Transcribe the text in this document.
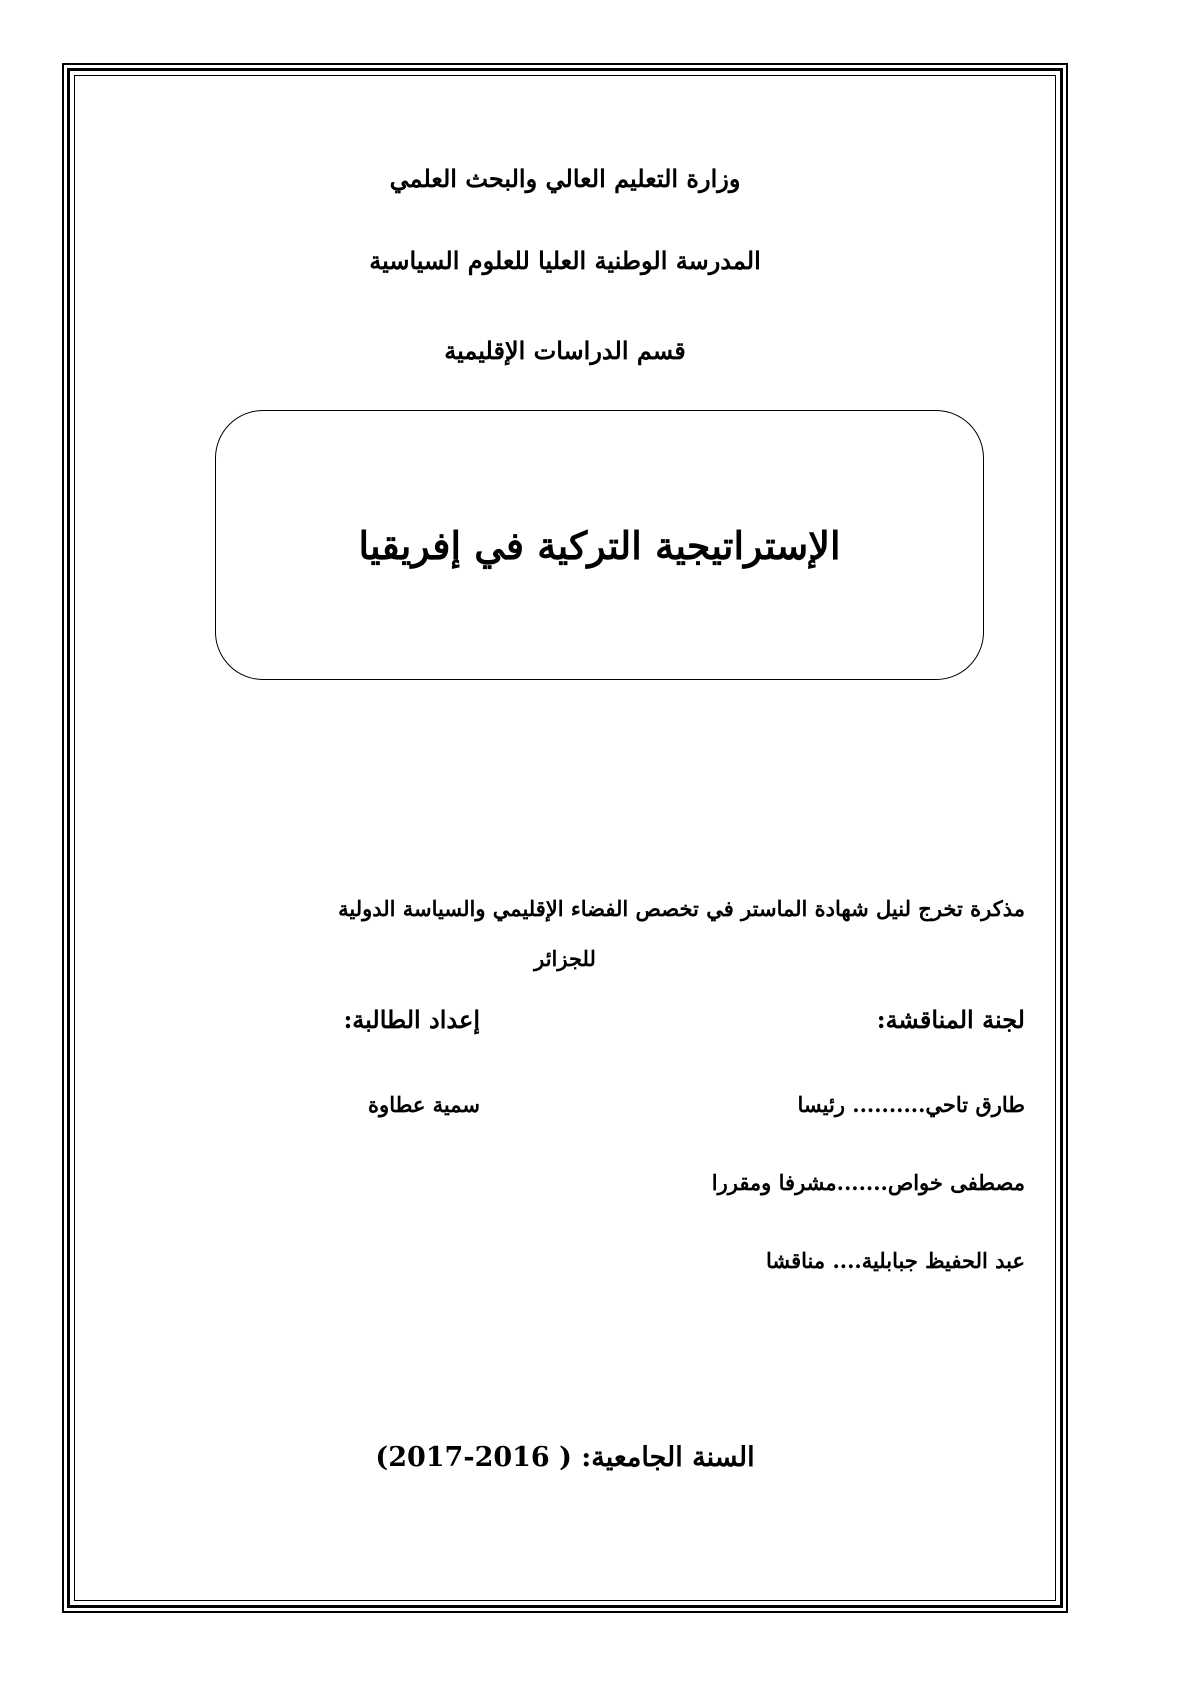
وزارة التعليم العالي والبحث العلمي
المدرسة الوطنية العليا للعلوم السياسية
قسم الدراسات الإقليمية
الإستراتيجية التركية في إفريقيا
مذكرة تخرج لنيل شهادة الماستر في تخصص الفضاء الإقليمي والسياسة الدولية
للجزائر
لجنة المناقشة:
إعداد الطالبة:
طارق تاحي.......... رئيسا
مصطفى خواص.......مشرفا ومقررا
عبد الحفيظ جبابلية.... مناقشا
سمية عطاوة
السنة الجامعية: ( 2016-2017)
